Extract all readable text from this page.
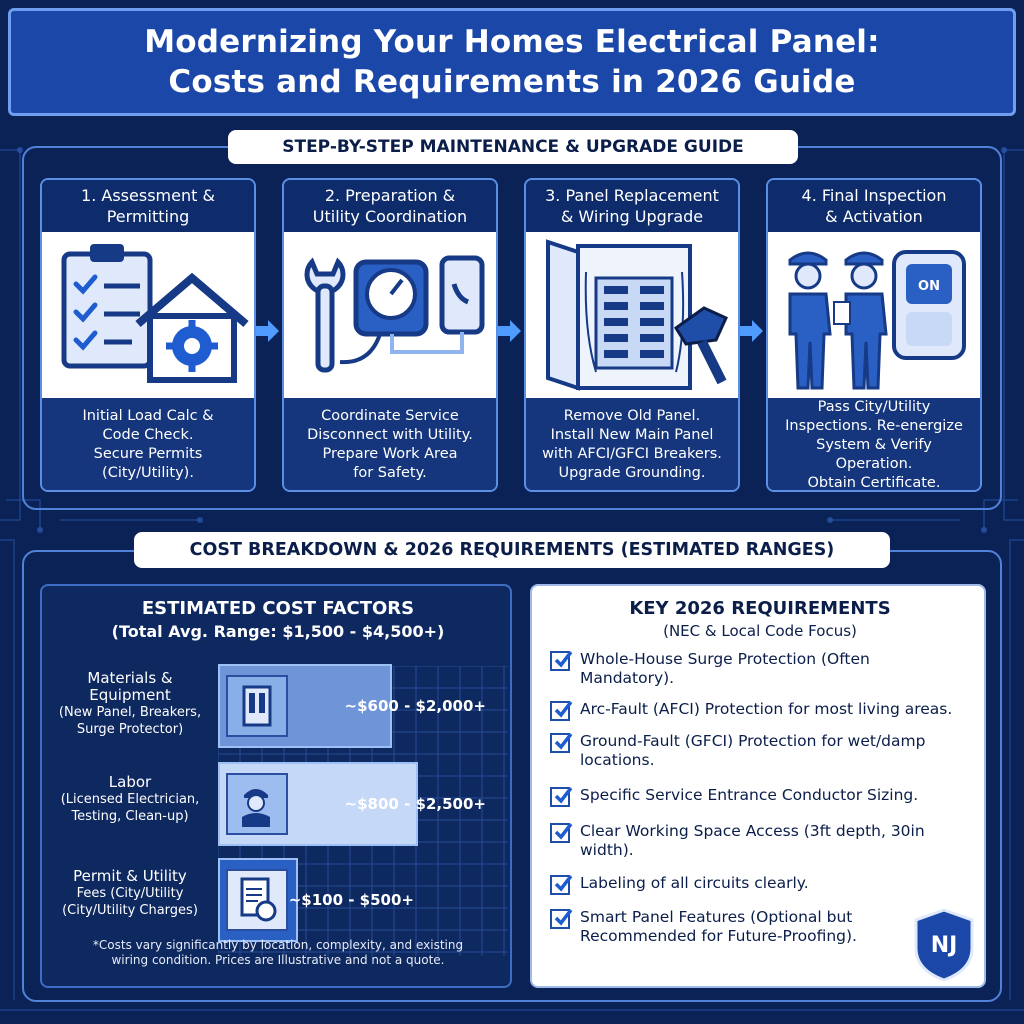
Modernizing Your Homes Electrical Panel:
Costs and Requirements in 2026 Guide
STEP-BY-STEP MAINTENANCE & UPGRADE GUIDE
1. Assessment &
Permitting
Initial Load Calc &
Code Check.
Secure Permits
(City/Utility).
2. Preparation &
Utility Coordination
Coordinate Service
Disconnect with Utility.
Prepare Work Area
for Safety.
3. Panel Replacement
& Wiring Upgrade
Remove Old Panel.
Install New Main Panel
with AFCI/GFCI Breakers.
Upgrade Grounding.
4. Final Inspection
& Activation
ON
Pass City/Utility
Inspections. Re-energize
System & Verify Operation.
Obtain Certificate.
COST BREAKDOWN & 2026 REQUIREMENTS (ESTIMATED RANGES)
ESTIMATED COST FACTORS
(Total Avg. Range: $1,500 - $4,500+)
Materials &
Equipment
(New Panel, Breakers,
Surge Protector)
Labor
(Licensed Electrician,
Testing, Clean-up)
Permit & Utility
Fees (City/Utility
(City/Utility Charges)
~$600 - $2,000+
~$800 - $2,500+
~$100 - $500+
*Costs vary significantly by location, complexity, and existing
wiring condition. Prices are Illustrative and not a quote.
KEY 2026 REQUIREMENTS
(NEC & Local Code Focus)
Whole-House Surge Protection (Often
Mandatory).
Arc-Fault (AFCI) Protection for most living areas.
Ground-Fault (GFCI) Protection for wet/damp
locations.
Specific Service Entrance Conductor Sizing.
Clear Working Space Access (3ft depth, 30in
width).
Labeling of all circuits clearly.
Smart Panel Features (Optional but
Recommended for Future-Proofing).	NJ
